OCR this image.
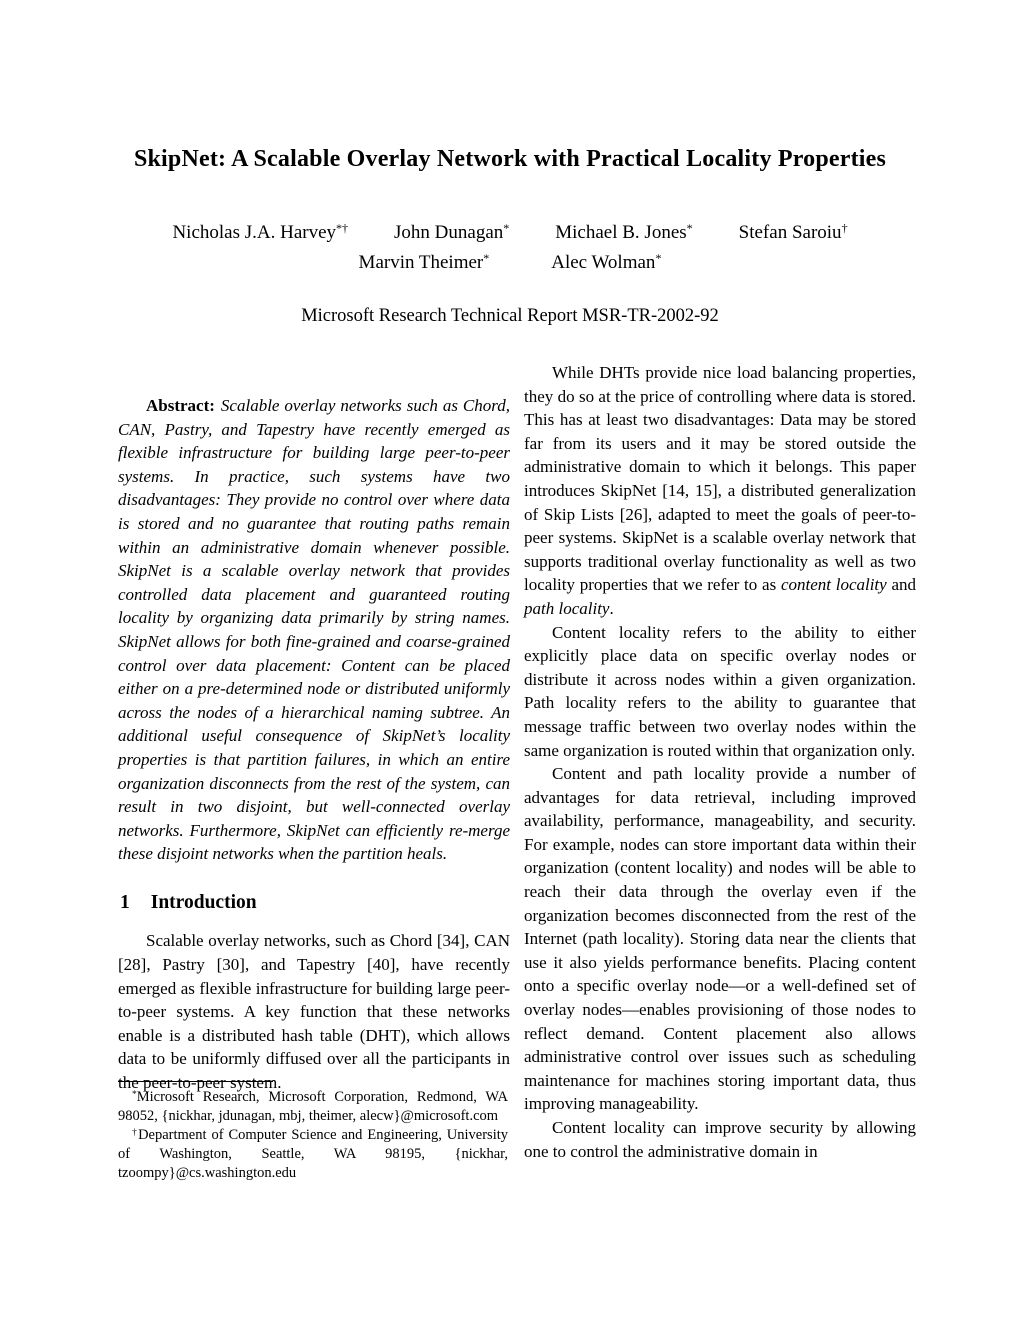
SkipNet: A Scalable Overlay Network with Practical Locality Properties
Nicholas J.A. Harvey*† John Dunagan* Michael B. Jones* Stefan Saroiu†
Marvin Theimer*	Alec Wolman*
Microsoft Research Technical Report MSR-TR-2002-92

Abstract: Scalable overlay networks such as Chord, CAN, Pastry, and Tapestry have recently emerged as flexible infrastructure for building large peer-to-peer systems. In practice, such systems have two disadvantages: They provide no control over where data is stored and no guarantee that routing paths remain within an administrative domain whenever possible. SkipNet is a scalable overlay network that provides controlled data placement and guaranteed routing locality by organizing data primarily by string names. SkipNet allows for both fine-grained and coarse-grained control over data placement: Content can be placed either on a pre-determined node or distributed uniformly across the nodes of a hierarchical naming subtree. An additional useful consequence of SkipNet’s locality properties is that partition failures, in which an entire organization disconnects from the rest of the system, can result in two disjoint, but well-connected overlay networks. Furthermore, SkipNet can efficiently re-merge these disjoint networks when the partition heals.

1 Introduction

Scalable overlay networks, such as Chord [34], CAN [28], Pastry [30], and Tapestry [40], have recently emerged as flexible infrastructure for building large peer-to-peer systems. A key function that these networks enable is a distributed hash table (DHT), which allows data to be uniformly diffused over all the participants in the peer-to-peer system.

*Microsoft Research, Microsoft Corporation, Redmond, WA 98052, {nickhar, jdunagan, mbj, theimer, alecw}@microsoft.com

†Department of Computer Science and Engineering, University of Washington, Seattle, WA 98195, {nickhar, tzoompy}@cs.washington.edu

While DHTs provide nice load balancing properties, they do so at the price of controlling where data is stored. This has at least two disadvantages: Data may be stored far from its users and it may be stored outside the administrative domain to which it belongs. This paper introduces SkipNet [14, 15], a distributed generalization of Skip Lists [26], adapted to meet the goals of peer-to-peer systems. SkipNet is a scalable overlay network that supports traditional overlay functionality as well as two locality properties that we refer to as content locality and path locality.

Content locality refers to the ability to either explicitly place data on specific overlay nodes or distribute it across nodes within a given organization. Path locality refers to the ability to guarantee that message traffic between two overlay nodes within the same organization is routed within that organization only.

Content and path locality provide a number of advantages for data retrieval, including improved availability, performance, manageability, and security. For example, nodes can store important data within their organization (content locality) and nodes will be able to reach their data through the overlay even if the organization becomes disconnected from the rest of the Internet (path locality). Storing data near the clients that use it also yields performance benefits. Placing content onto a specific overlay node—or a well-defined set of overlay nodes—enables provisioning of those nodes to reflect demand. Content placement also allows administrative control over issues such as scheduling maintenance for machines storing important data, thus improving manageability.

Content locality can improve security by allowing one to control the administrative domain in
